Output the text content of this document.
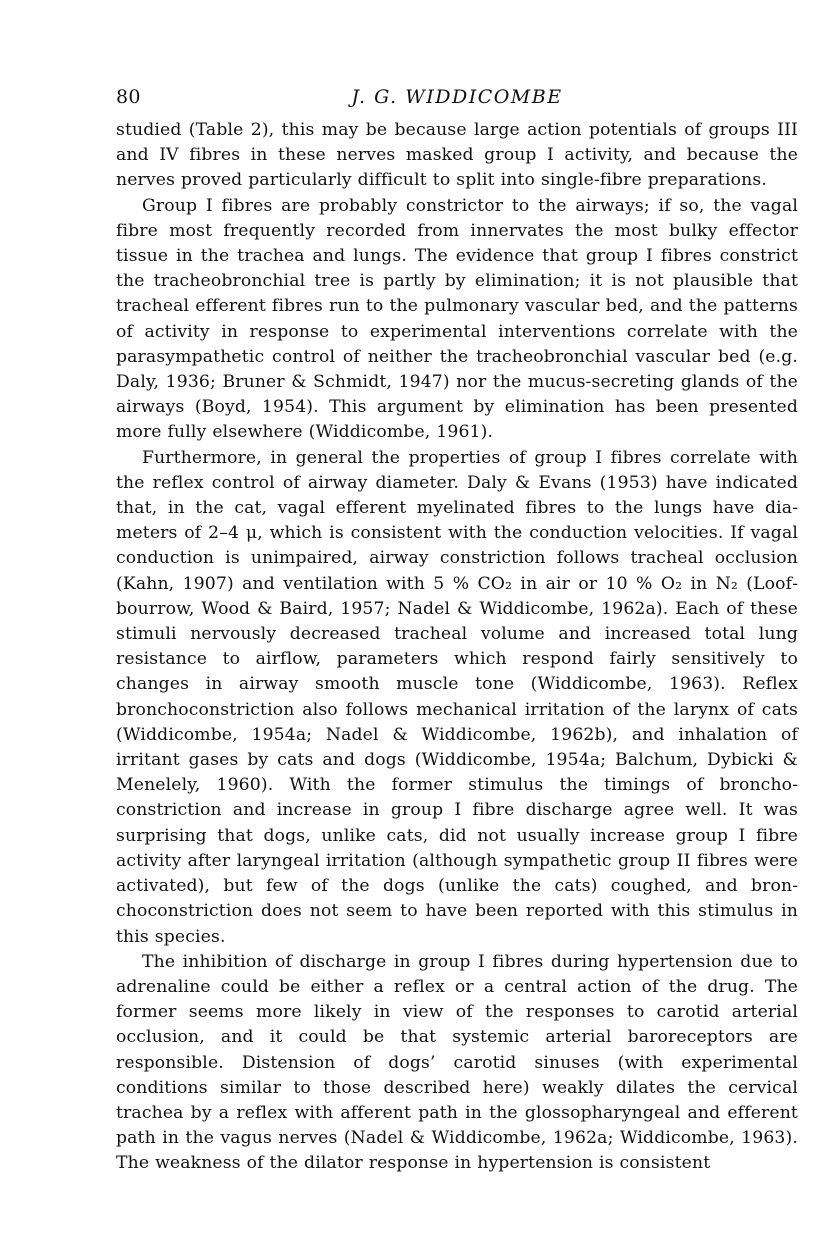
80	J. G. WIDDICOMBE

studied (Table 2), this may be because large action potentials of groups III and IV fibres in these nerves masked group I activity, and because the nerves proved particularly difficult to split into single-fibre preparations.

Group I fibres are probably constrictor to the airways; if so, the vagal fibre most frequently recorded from innervates the most bulky effector tissue in the trachea and lungs. The evidence that group I fibres constrict the tracheobronchial tree is partly by elimination; it is not plausible that tracheal efferent fibres run to the pulmonary vascular bed, and the patterns of activity in response to experimental interventions correlate with the parasympathetic control of neither the tracheobronchial vascular bed (e.g. Daly, 1936; Bruner & Schmidt, 1947) nor the mucus-secreting glands of the airways (Boyd, 1954). This argument by elimination has been presented more fully elsewhere (Widdicombe, 1961).

Furthermore, in general the properties of group I fibres correlate with the reflex control of airway diameter. Daly & Evans (1953) have indicated that, in the cat, vagal efferent myelinated fibres to the lungs have diameters of 2–4 μ, which is consistent with the conduction velocities. If vagal conduction is unimpaired, airway constriction follows tracheal occlusion (Kahn, 1907) and ventilation with 5 % CO₂ in air or 10 % O₂ in N₂ (Loofbourrow, Wood & Baird, 1957; Nadel & Widdicombe, 1962a). Each of these stimuli nervously decreased tracheal volume and increased total lung resistance to airflow, parameters which respond fairly sensitively to changes in airway smooth muscle tone (Widdicombe, 1963). Reflex bronchoconstriction also follows mechanical irritation of the larynx of cats (Widdicombe, 1954a; Nadel & Widdicombe, 1962b), and inhalation of irritant gases by cats and dogs (Widdicombe, 1954a; Balchum, Dybicki & Menelely, 1960). With the former stimulus the timings of bronchoconstriction and increase in group I fibre discharge agree well. It was surprising that dogs, unlike cats, did not usually increase group I fibre activity after laryngeal irritation (although sympathetic group II fibres were activated), but few of the dogs (unlike the cats) coughed, and bronchoconstriction does not seem to have been reported with this stimulus in this species.

The inhibition of discharge in group I fibres during hypertension due to adrenaline could be either a reflex or a central action of the drug. The former seems more likely in view of the responses to carotid arterial occlusion, and it could be that systemic arterial baroreceptors are responsible. Distension of dogs’ carotid sinuses (with experimental conditions similar to those described here) weakly dilates the cervical trachea by a reflex with afferent path in the glossopharyngeal and efferent path in the vagus nerves (Nadel & Widdicombe, 1962a; Widdicombe, 1963). The weakness of the dilator response in hypertension is consistent
